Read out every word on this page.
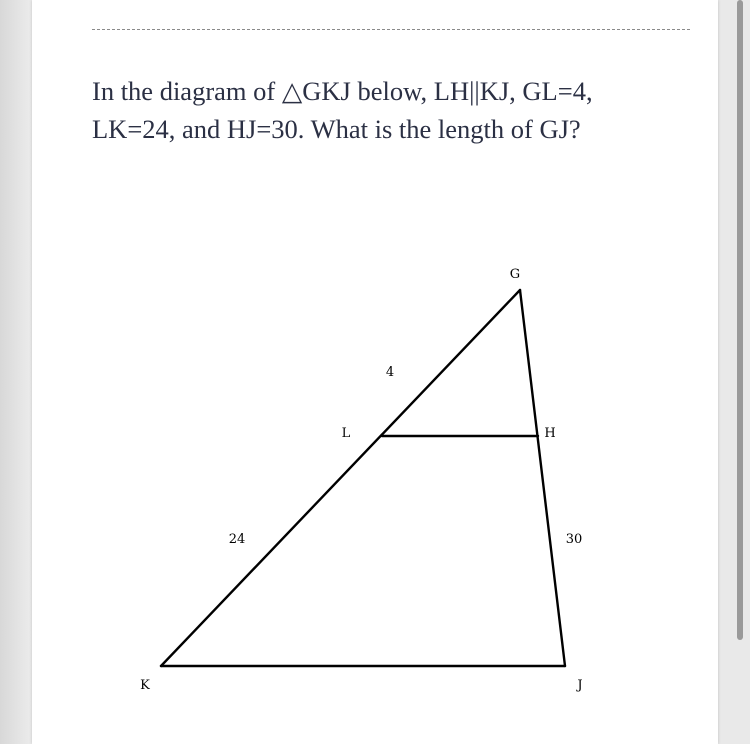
In the diagram of △GKJ below, LH||KJ, GL=4,
LK=24, and HJ=30. What is the length of GJ?

G
L	H
K	J
4
24	30
